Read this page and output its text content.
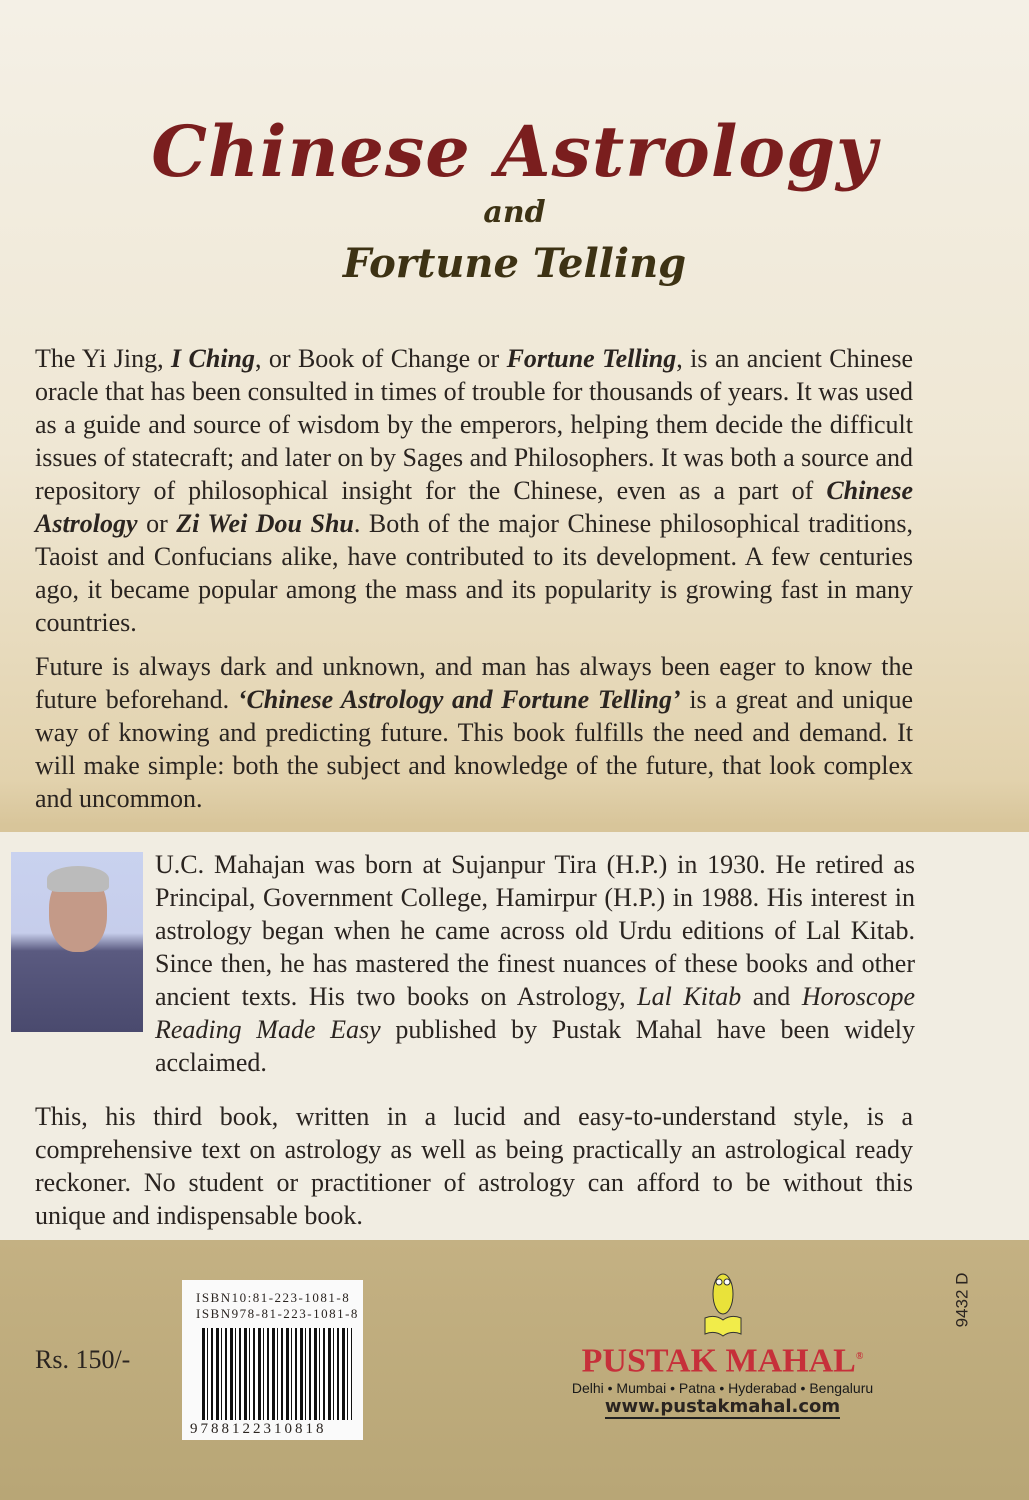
Chinese Astrology
and
Fortune Telling
The Yi Jing, I Ching, or Book of Change or Fortune Telling, is an ancient Chinese oracle that has been consulted in times of trouble for thousands of years. It was used as a guide and source of wisdom by the emperors, helping them decide the difficult issues of statecraft; and later on by Sages and Philosophers. It was both a source and repository of philosophical insight for the Chinese, even as a part of Chinese Astrology or Zi Wei Dou Shu. Both of the major Chinese philosophical traditions, Taoist and Confucians alike, have contributed to its development. A few centuries ago, it became popular among the mass and its popularity is growing fast in many countries.
Future is always dark and unknown, and man has always been eager to know the future beforehand. ‘Chinese Astrology and Fortune Telling’ is a great and unique way of knowing and predicting future. This book fulfills the need and demand. It will make simple: both the subject and knowledge of the future, that look complex and uncommon.
U.C. Mahajan was born at Sujanpur Tira (H.P.) in 1930. He retired as Principal, Government College, Hamirpur (H.P.) in 1988. His interest in astrology began when he came across old Urdu editions of Lal Kitab. Since then, he has mastered the finest nuances of these books and other ancient texts. His two books on Astrology, Lal Kitab and Horoscope Reading Made Easy published by Pustak Mahal have been widely acclaimed.
This, his third book, written in a lucid and easy-to-understand style, is a comprehensive text on astrology as well as being practically an astrological ready reckoner. No student or practitioner of astrology can afford to be without this unique and indispensable book.
Rs. 150/-
ISBN10:81-223-1081-8
ISBN978-81-223-1081-8
9788122310818
PUSTAK MAHAL®
Delhi • Mumbai • Patna • Hyderabad • Bengaluru
www.pustakmahal.com
9432 D
